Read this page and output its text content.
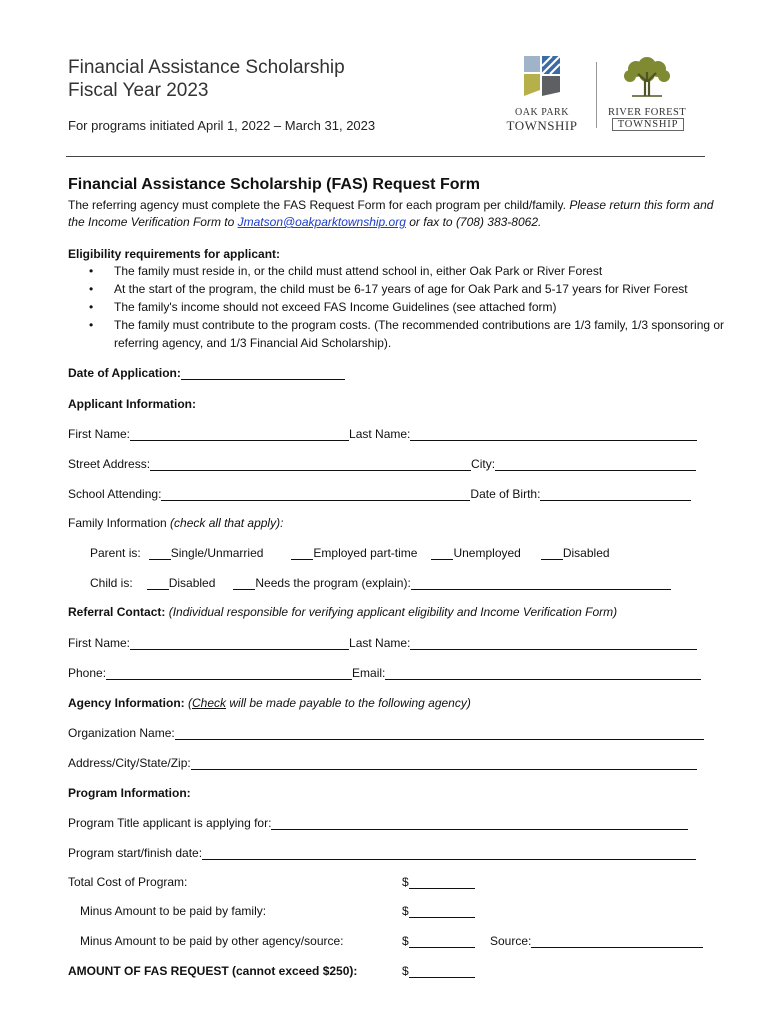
Financial Assistance Scholarship
Fiscal Year 2023
For programs initiated April 1, 2022 – March 31, 2023
OAK PARK
TOWNSHIP
RIVER FOREST
TOWNSHIP
Financial Assistance Scholarship (FAS) Request Form
The referring agency must complete the FAS Request Form for each program per child/family. Please return this form and the Income Verification Form to Jmatson@oakparktownship.org or fax to (708) 383-8062.
Eligibility requirements for applicant:
• The family must reside in, or the child must attend school in, either Oak Park or River Forest
• At the start of the program, the child must be 6-17 years of age for Oak Park and 5-17 years for River Forest
• The family's income should not exceed FAS Income Guidelines (see attached form)
• The family must contribute to the program costs. (The recommended contributions are 1/3 family, 1/3 sponsoring or referring agency, and 1/3 Financial Aid Scholarship).
Date of Application:
Applicant Information:
First Name:	Last Name:
Street Address:	City:
School Attending:	Date of Birth:
Family Information
(check all that apply):
Parent is:	Single/Unmarried	Employed part-time	Unemployed	Disabled
Child is:	Disabled	Needs the program (explain):
Referral Contact:
(Individual responsible for verifying applicant eligibility and Income Verification Form)
First Name:	Last Name:
Phone:	Email:
Agency Information:
( Check
will be made payable to the following agency)
Organization Name:
Address/City/State/Zip:
Program Information:
Program Title applicant is applying for:
Program start/finish date:
Total Cost of Program:	$
Minus Amount to be paid by family:	$
Minus Amount to be paid by other agency/source:	$	Source:
AMOUNT OF FAS REQUEST (cannot exceed $250):	$
